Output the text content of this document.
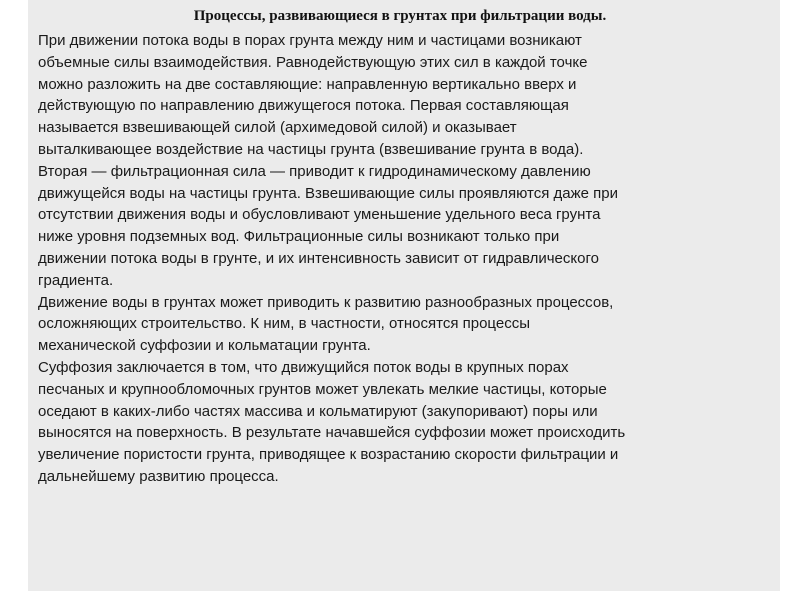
Процессы, развивающиеся в грунтах при фильтрации воды.
При движении потока воды в порах грунта между ним и частицами возникают
объемные силы взаимодействия. Равнодействующую этих сил в каждой точке
можно разложить на две составляющие: направленную вертикально вверх и
действующую по направлению движущегося потока. Первая составляющая
называется взвешивающей силой (архимедовой силой) и оказывает
выталкивающее воздействие на частицы грунта (взвешивание грунта в вода).
Вторая — фильтрационная сила — приводит к гидродинамическому давлению
движущейся воды на частицы грунта. Взвешивающие силы проявляются даже при
отсутствии движения воды и обусловливают уменьшение удельного веса грунта
ниже уровня подземных вод. Фильтрационные силы возникают только при
движении потока воды в грунте, и их интенсивность зависит от гидравлического
градиента.
Движение воды в грунтах может приводить к развитию разнообразных процессов,
осложняющих строительство. К ним, в частности, относятся процессы
механической суффозии и кольматации грунта.
Суффозия заключается в том, что движущийся поток воды в крупных порах
песчаных и крупнообломочных грунтов может увлекать мелкие частицы, которые
оседают в каких-либо частях массива и кольматируют (закупоривают) поры или
выносятся на поверхность. В результате начавшейся суффозии может происходить
увеличение пористости грунта, приводящее к возрастанию скорости фильтрации и
дальнейшему развитию процесса.
